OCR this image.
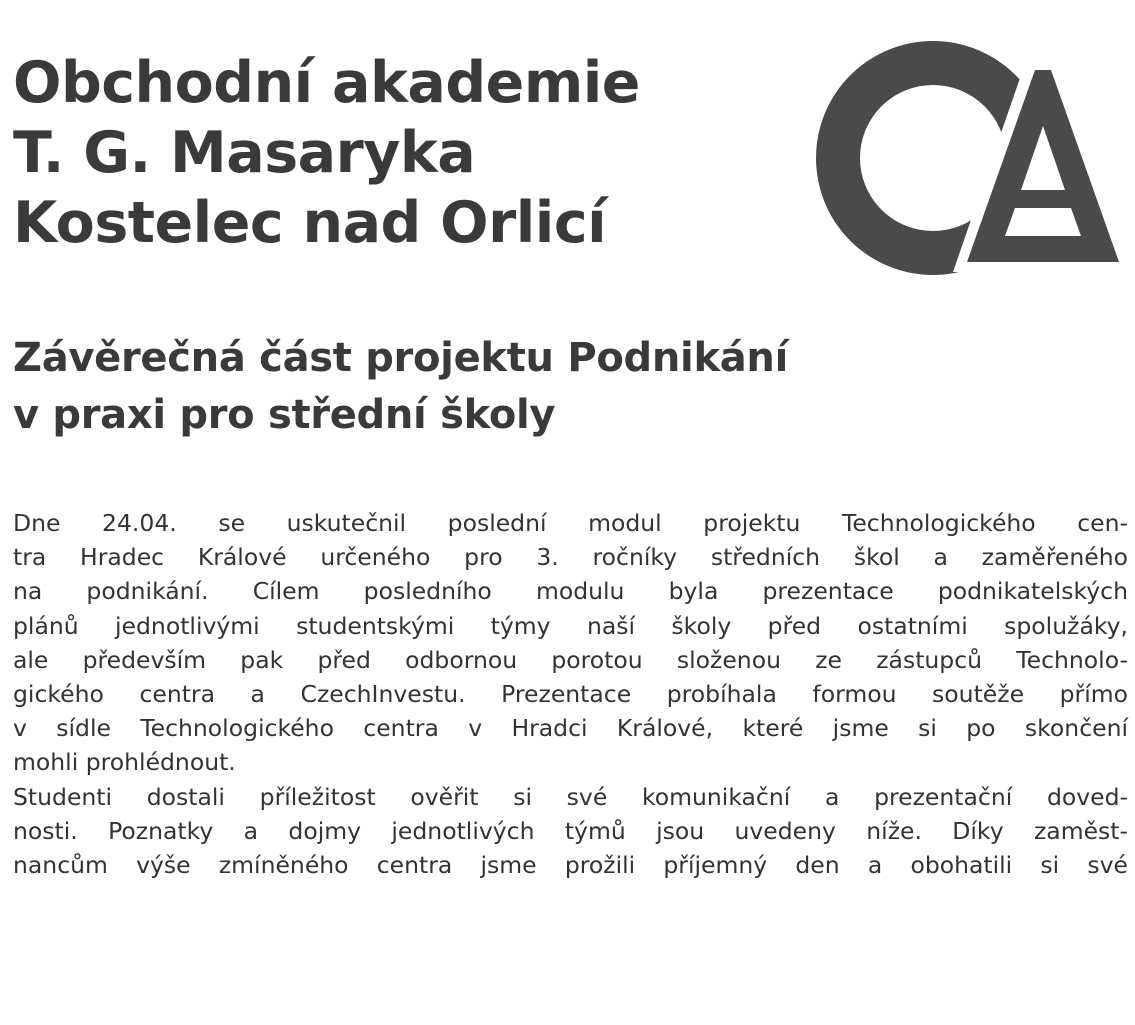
Obchodní akademie
T. G. Masaryka
Kostelec nad Orlicí
Závěrečná část projektu Podnikání
v praxi pro střední školy
Dne 24.04. se uskutečnil poslední modul projektu Technologického cen-
tra Hradec Králové určeného pro 3. ročníky středních škol a zaměřeného
na podnikání. Cílem posledního modulu byla prezentace podnikatelských
plánů jednotlivými studentskými týmy naší školy před ostatními spolužáky,
ale především pak před odbornou porotou složenou ze zástupců Technolo-
gického centra a CzechInvestu. Prezentace probíhala formou soutěže přímo
v sídle Technologického centra v Hradci Králové, které jsme si po skončení
mohli prohlédnout.
Studenti dostali příležitost ověřit si své komunikační a prezentační doved-
nosti. Poznatky a dojmy jednotlivých týmů jsou uvedeny níže. Díky zaměst-
nancům výše zmíněného centra jsme prožili příjemný den a obohatili si své
